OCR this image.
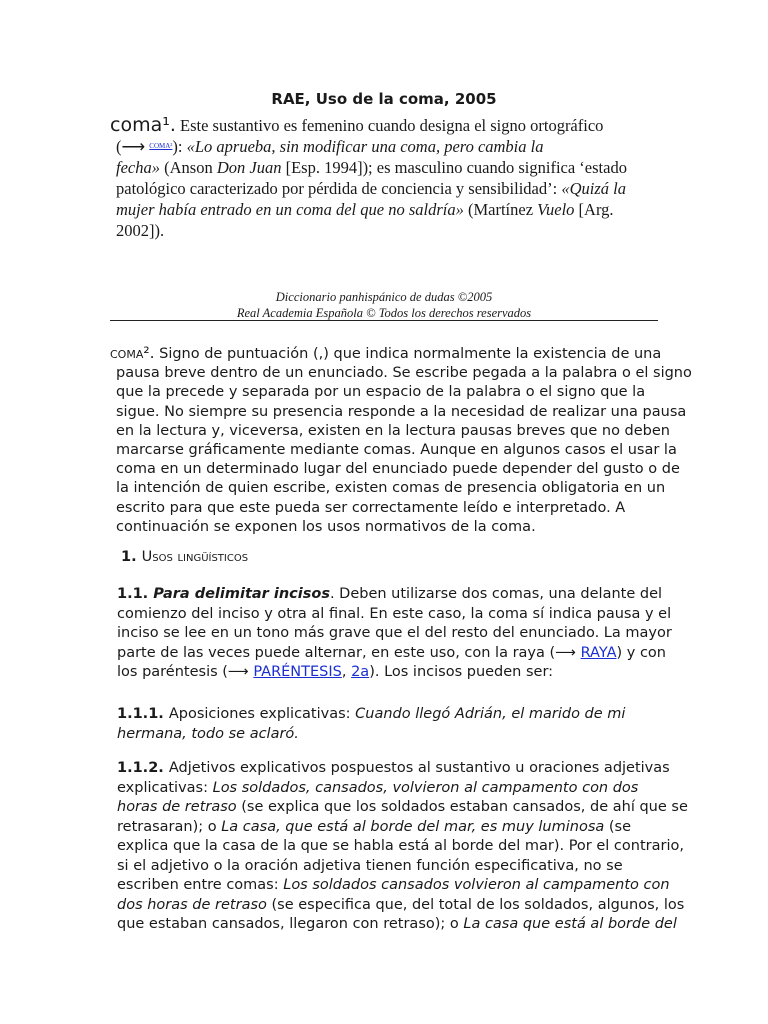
RAE, Uso de la coma, 2005
coma¹. Este sustantivo es femenino cuando designa el signo ortográfico
(⟶ $^{COMA^2}$): «Lo aprueba, sin modificar una coma, pero cambia la
fecha» (Anson Don Juan [Esp. 1994]); es masculino cuando significa ‘estado
patológico caracterizado por pérdida de conciencia y sensibilidad’: «Quizá la
mujer había entrado en un coma del que no saldría» (Martínez Vuelo [Arg.
2002]).
Diccionario panhispánico de dudas ©2005
Real Academia Española © Todos los derechos reservados
coma². Signo de puntuación (,) que indica normalmente la existencia de una
pausa breve dentro de un enunciado. Se escribe pegada a la palabra o el signo
que la precede y separada por un espacio de la palabra o el signo que la
sigue. No siempre su presencia responde a la necesidad de realizar una pausa
en la lectura y, viceversa, existen en la lectura pausas breves que no deben
marcarse gráficamente mediante comas. Aunque en algunos casos el usar la
coma en un determinado lugar del enunciado puede depender del gusto o de
la intención de quien escribe, existen comas de presencia obligatoria en un
escrito para que este pueda ser correctamente leído e interpretado. A
continuación se exponen los usos normativos de la coma.
1. Usos lingüísticos
1.1. Para delimitar incisos. Deben utilizarse dos comas, una delante del
comienzo del inciso y otra al final. En este caso, la coma sí indica pausa y el
inciso se lee en un tono más grave que el del resto del enunciado. La mayor
parte de las veces puede alternar, en este uso, con la raya (⟶ RAYA) y con
los paréntesis (⟶ PARÉNTESIS, 2a). Los incisos pueden ser:
1.1.1. Aposiciones explicativas: Cuando llegó Adrián, el marido de mi
hermana, todo se aclaró.
1.1.2. Adjetivos explicativos pospuestos al sustantivo u oraciones adjetivas
explicativas: Los soldados, cansados, volvieron al campamento con dos
horas de retraso (se explica que los soldados estaban cansados, de ahí que se
retrasaran); o La casa, que está al borde del mar, es muy luminosa (se
explica que la casa de la que se habla está al borde del mar). Por el contrario,
si el adjetivo o la oración adjetiva tienen función especificativa, no se
escriben entre comas: Los soldados cansados volvieron al campamento con
dos horas de retraso (se especifica que, del total de los soldados, algunos, los
que estaban cansados, llegaron con retraso); o La casa que está al borde del
